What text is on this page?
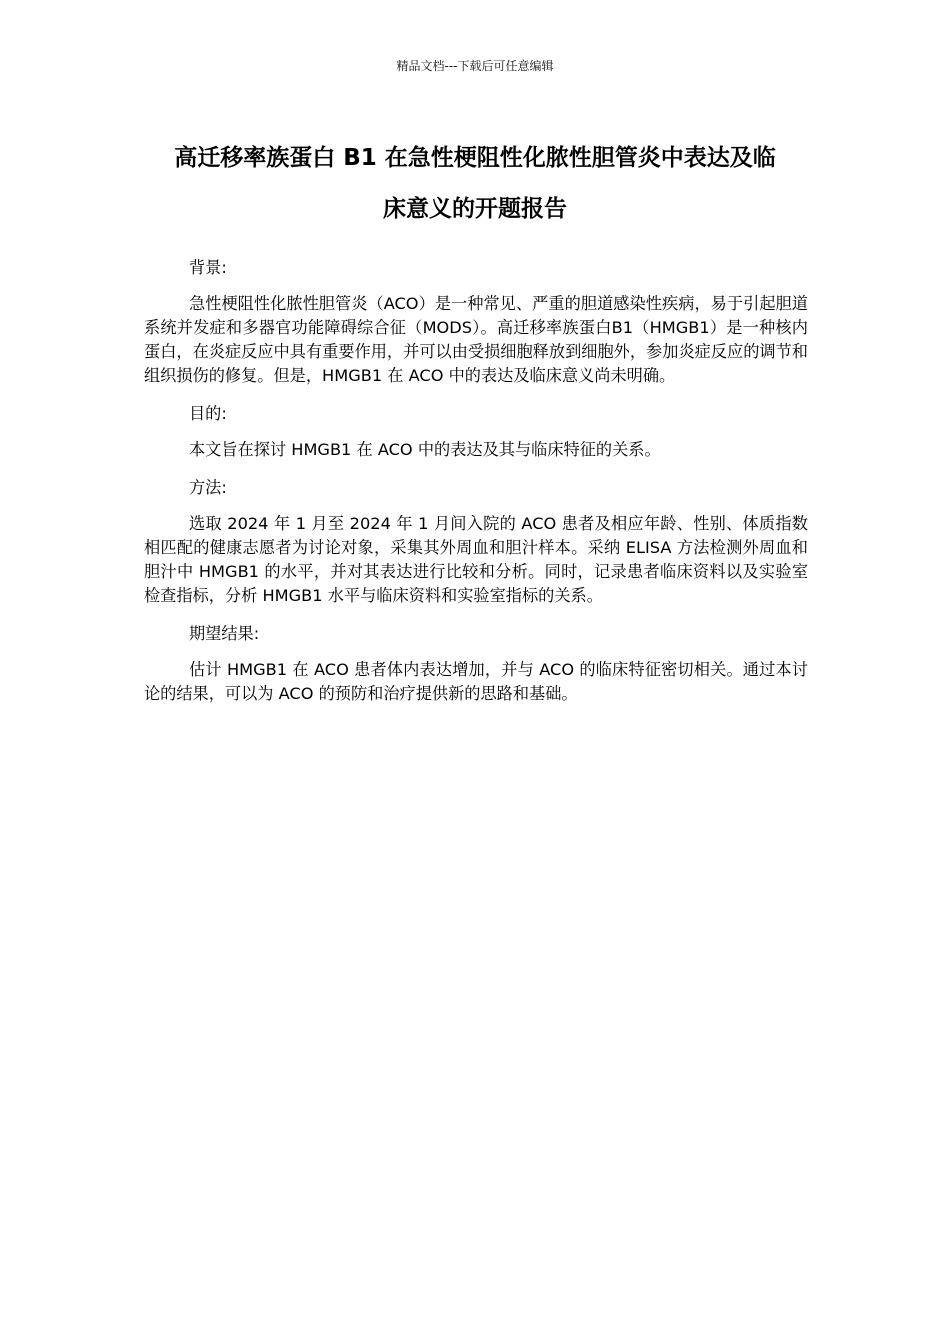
精品文档---下载后可任意编辑
高迁移率族蛋白 B1 在急性梗阻性化脓性胆管炎中表达及临
床意义的开题报告

背景:

急性梗阻性化脓性胆管炎（ACO）是一种常见、严重的胆道感染性疾病，易于引起胆道系统并发症和多器官功能障碍综合征（MODS）。高迁移率族蛋白B1（HMGB1）是一种核内蛋白，在炎症反应中具有重要作用，并可以由受损细胞释放到细胞外，参加炎症反应的调节和组织损伤的修复。但是，HMGB1 在 ACO 中的表达及临床意义尚未明确。

目的:

本文旨在探讨 HMGB1 在 ACO 中的表达及其与临床特征的关系。

方法:

选取 2024 年 1 月至 2024 年 1 月间入院的 ACO 患者及相应年龄、性别、体质指数相匹配的健康志愿者为讨论对象，采集其外周血和胆汁样本。采纳 ELISA 方法检测外周血和胆汁中 HMGB1 的水平，并对其表达进行比较和分析。同时，记录患者临床资料以及实验室检查指标，分析 HMGB1 水平与临床资料和实验室指标的关系。

期望结果:

估计 HMGB1 在 ACO 患者体内表达增加，并与 ACO 的临床特征密切相关。通过本讨论的结果，可以为 ACO 的预防和治疗提供新的思路和基础。
